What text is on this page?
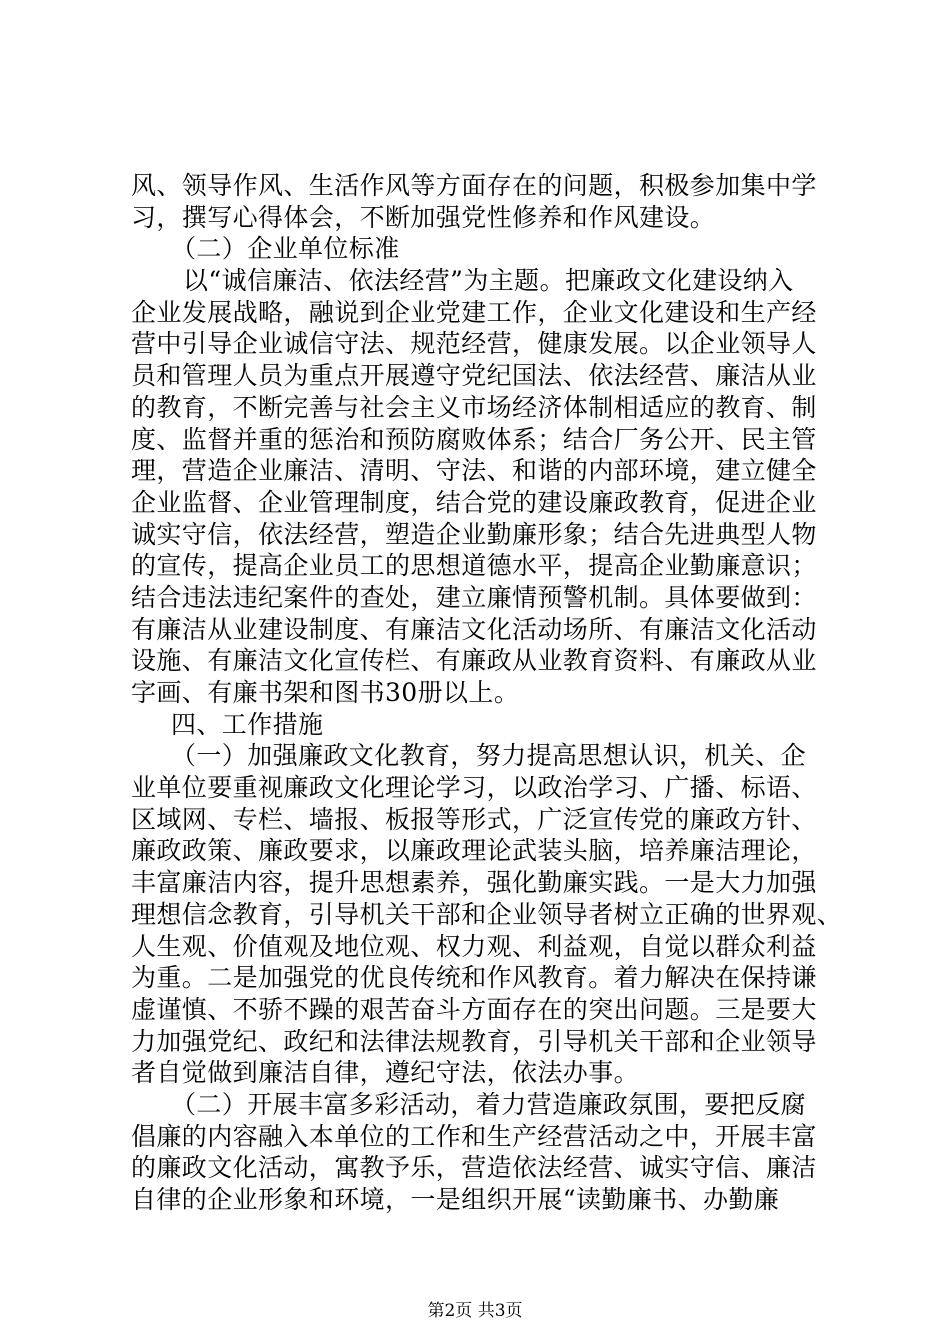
风、领导作风、生活作风等方面存在的问题，积极参加集中学
习，撰写心得体会，不断加强党性修养和作风建设。
（二）企业单位标准
以“诚信廉洁、依法经营”为主题。把廉政文化建设纳入
企业发展战略，融说到企业党建工作，企业文化建设和生产经
营中引导企业诚信守法、规范经营，健康发展。以企业领导人
员和管理人员为重点开展遵守党纪国法、依法经营、廉洁从业
的教育，不断完善与社会主义市场经济体制相适应的教育、制
度、监督并重的惩治和预防腐败体系；结合厂务公开、民主管
理，营造企业廉洁、清明、守法、和谐的内部环境，建立健全
企业监督、企业管理制度，结合党的建设廉政教育，促进企业
诚实守信，依法经营，塑造企业勤廉形象；结合先进典型人物
的宣传，提高企业员工的思想道德水平，提高企业勤廉意识；
结合违法违纪案件的查处，建立廉情预警机制。具体要做到：
有廉洁从业建设制度、有廉洁文化活动场所、有廉洁文化活动
设施、有廉洁文化宣传栏、有廉政从业教育资料、有廉政从业
字画、有廉书架和图书30册以上。
四、工作措施
（一）加强廉政文化教育，努力提高思想认识，机关、企
业单位要重视廉政文化理论学习，以政治学习、广播、标语、
区域网、专栏、墙报、板报等形式，广泛宣传党的廉政方针、
廉政政策、廉政要求，以廉政理论武装头脑，培养廉洁理论，
丰富廉洁内容，提升思想素养，强化勤廉实践。一是大力加强
理想信念教育，引导机关干部和企业领导者树立正确的世界观、
人生观、价值观及地位观、权力观、利益观，自觉以群众利益
为重。二是加强党的优良传统和作风教育。着力解决在保持谦
虚谨慎、不骄不躁的艰苦奋斗方面存在的突出问题。三是要大
力加强党纪、政纪和法律法规教育，引导机关干部和企业领导
者自觉做到廉洁自律，遵纪守法，依法办事。
（二）开展丰富多彩活动，着力营造廉政氛围，要把反腐
倡廉的内容融入本单位的工作和生产经营活动之中，开展丰富
的廉政文化活动，寓教予乐，营造依法经营、诚实守信、廉洁
自律的企业形象和环境，一是组织开展“读勤廉书、办勤廉
第2页 共3页
